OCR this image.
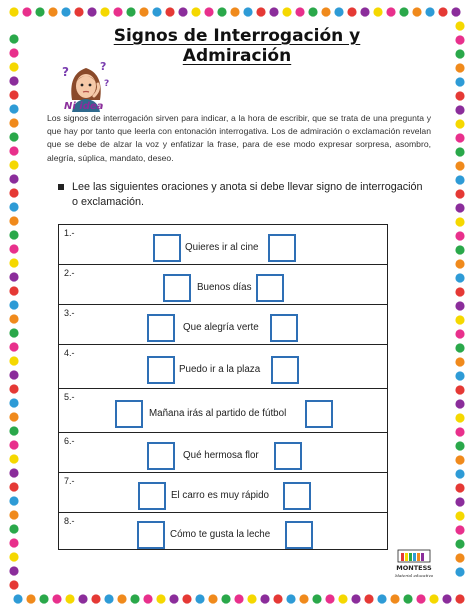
Signos de Interrogación y Admiración
?	?
?
Ni idea
Los signos de interrogación sirven para indicar, a la hora de escribir, que se trata de una pregunta y que hay por tanto que leerla con entonación interrogativa. Los de admiración o exclamación revelan que se debe de alzar la voz y enfatizar la frase, para de ese modo expresar sorpresa, asombro, alegría, súplica, mandato, deseo.
Lee las siguientes oraciones y anota si debe llevar signo de interrogación o exclamación.
1.-
Quieres ir al cine
2.-
Buenos días
3.-
Que alegría verte
4.-
Puedo ir a la plaza
5.-
Mañana irás al partido de fútbol
6.-
Qué hermosa flor
7.-
El carro es muy rápido
8.-
Cómo te gusta la leche
MONTESS
Material educativo
